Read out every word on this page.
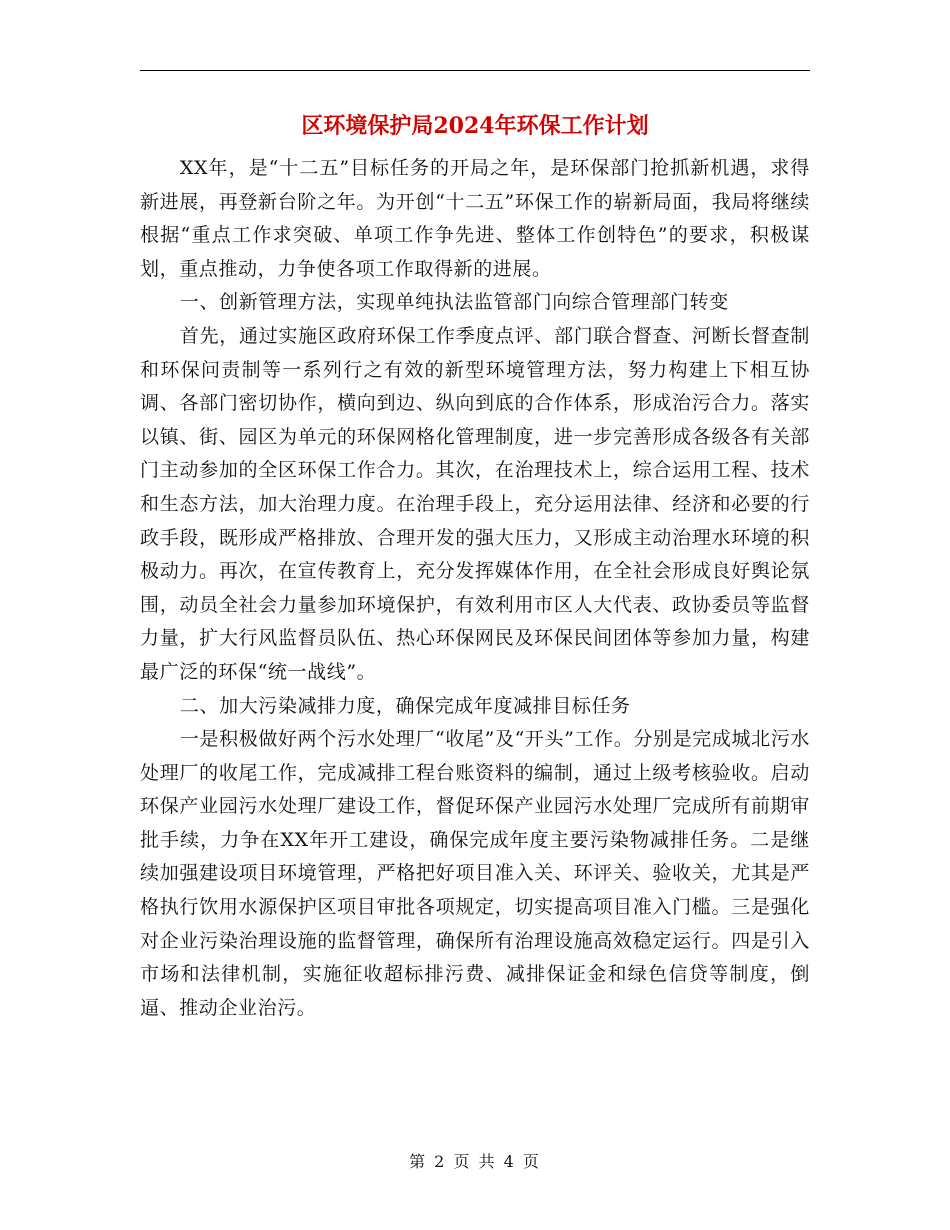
区环境保护局2024年环保工作计划

XX年，是“十二五”目标任务的开局之年，是环保部门抢抓新机遇，求得新进展，再登新台阶之年。为开创“十二五”环保工作的崭新局面，我局将继续根据“重点工作求突破、单项工作争先进、整体工作创特色”的要求，积极谋划，重点推动，力争使各项工作取得新的进展。

一、创新管理方法，实现单纯执法监管部门向综合管理部门转变

首先，通过实施区政府环保工作季度点评、部门联合督查、河断长督查制和环保问责制等一系列行之有效的新型环境管理方法，努力构建上下相互协调、各部门密切协作，横向到边、纵向到底的合作体系，形成治污合力。落实以镇、街、园区为单元的环保网格化管理制度，进一步完善形成各级各有关部门主动参加的全区环保工作合力。其次，在治理技术上，综合运用工程、技术和生态方法，加大治理力度。在治理手段上，充分运用法律、经济和必要的行政手段，既形成严格排放、合理开发的强大压力，又形成主动治理水环境的积极动力。再次，在宣传教育上，充分发挥媒体作用，在全社会形成良好舆论氛围，动员全社会力量参加环境保护，有效利用市区人大代表、政协委员等监督力量，扩大行风监督员队伍、热心环保网民及环保民间团体等参加力量，构建最广泛的环保“统一战线”。

二、加大污染减排力度，确保完成年度减排目标任务

一是积极做好两个污水处理厂“收尾”及“开头”工作。分别是完成城北污水处理厂的收尾工作，完成减排工程台账资料的编制，通过上级考核验收。启动环保产业园污水处理厂建设工作，督促环保产业园污水处理厂完成所有前期审批手续，力争在XX年开工建设，确保完成年度主要污染物减排任务。二是继续加强建设项目环境管理，严格把好项目准入关、环评关、验收关，尤其是严格执行饮用水源保护区项目审批各项规定，切实提高项目准入门槛。三是强化对企业污染治理设施的监督管理，确保所有治理设施高效稳定运行。四是引入市场和法律机制，实施征收超标排污费、减排保证金和绿色信贷等制度，倒逼、推动企业治污。

第 2 页 共 4 页
